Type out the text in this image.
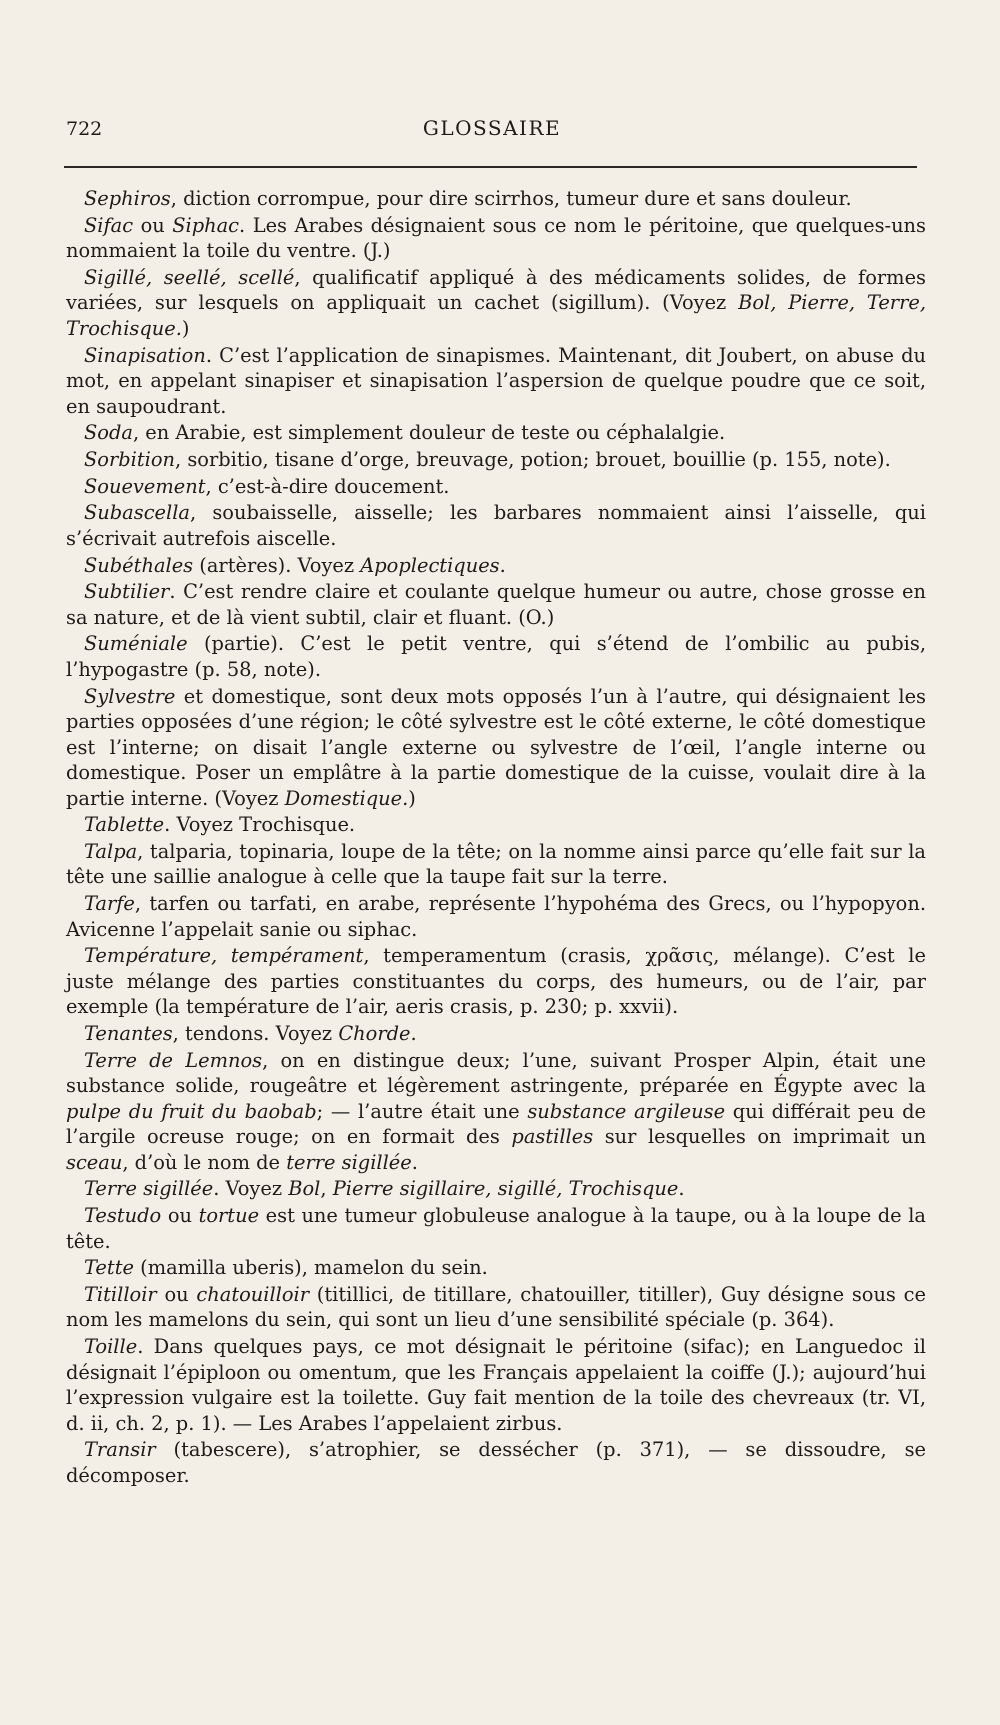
722	GLOSSAIRE

Sephiros, diction corrompue, pour dire scirrhos, tumeur dure et sans douleur.

Sifac ou Siphac. Les Arabes désignaient sous ce nom le péritoine, que quelques-uns nommaient la toile du ventre. (J.)

Sigillé, seellé, scellé, qualificatif appliqué à des médicaments solides, de formes variées, sur lesquels on appliquait un cachet (sigillum). (Voyez Bol, Pierre, Terre, Trochisque.)

Sinapisation. C’est l’application de sinapismes. Maintenant, dit Joubert, on abuse du mot, en appelant sinapiser et sinapisation l’aspersion de quelque poudre que ce soit, en saupoudrant.

Soda, en Arabie, est simplement douleur de teste ou céphalalgie.

Sorbition, sorbitio, tisane d’orge, breuvage, potion; brouet, bouillie (p. 155, note).

Souevement, c’est-à-dire doucement.

Subascella, soubaisselle, aisselle; les barbares nommaient ainsi l’aisselle, qui s’écrivait autrefois aiscelle.

Subéthales (artères). Voyez Apoplectiques.

Subtilier. C’est rendre claire et coulante quelque humeur ou autre, chose grosse en sa nature, et de là vient subtil, clair et fluant. (O.)

Suméniale (partie). C’est le petit ventre, qui s’étend de l’ombilic au pubis, l’hypogastre (p. 58, note).

Sylvestre et domestique, sont deux mots opposés l’un à l’autre, qui désignaient les parties opposées d’une région; le côté sylvestre est le côté externe, le côté domestique est l’interne; on disait l’angle externe ou sylvestre de l’œil, l’angle interne ou domestique. Poser un emplâtre à la partie domestique de la cuisse, voulait dire à la partie interne. (Voyez Domestique.)

Tablette. Voyez Trochisque.

Talpa, talparia, topinaria, loupe de la tête; on la nomme ainsi parce qu’elle fait sur la tête une saillie analogue à celle que la taupe fait sur la terre.

Tarfe, tarfen ou tarfati, en arabe, représente l’hypohéma des Grecs, ou l’hypopyon. Avicenne l’appelait sanie ou siphac.

Température, tempérament, temperamentum (crasis, χρᾶσις, mélange). C’est le juste mélange des parties constituantes du corps, des humeurs, ou de l’air, par exemple (la température de l’air, aeris crasis, p. 230; p. xxvii).

Tenantes, tendons. Voyez Chorde.

Terre de Lemnos, on en distingue deux; l’une, suivant Prosper Alpin, était une substance solide, rougeâtre et légèrement astringente, préparée en Égypte avec la pulpe du fruit du baobab; — l’autre était une substance argileuse qui différait peu de l’argile ocreuse rouge; on en formait des pastilles sur lesquelles on imprimait un sceau, d’où le nom de terre sigillée.

Terre sigillée. Voyez Bol, Pierre sigillaire, sigillé, Trochisque.

Testudo ou tortue est une tumeur globuleuse analogue à la taupe, ou à la loupe de la tête.

Tette (mamilla uberis), mamelon du sein.

Titilloir ou chatouilloir (titillici, de titillare, chatouiller, titiller), Guy désigne sous ce nom les mamelons du sein, qui sont un lieu d’une sensibilité spéciale (p. 364).

Toille. Dans quelques pays, ce mot désignait le péritoine (sifac); en Languedoc il désignait l’épiploon ou omentum, que les Français appelaient la coiffe (J.); aujourd’hui l’expression vulgaire est la toilette. Guy fait mention de la toile des chevreaux (tr. VI, d. ii, ch. 2, p. 1). — Les Arabes l’appelaient zirbus.

Transir (tabescere), s’atrophier, se dessécher (p. 371), — se dissoudre, se décomposer.
